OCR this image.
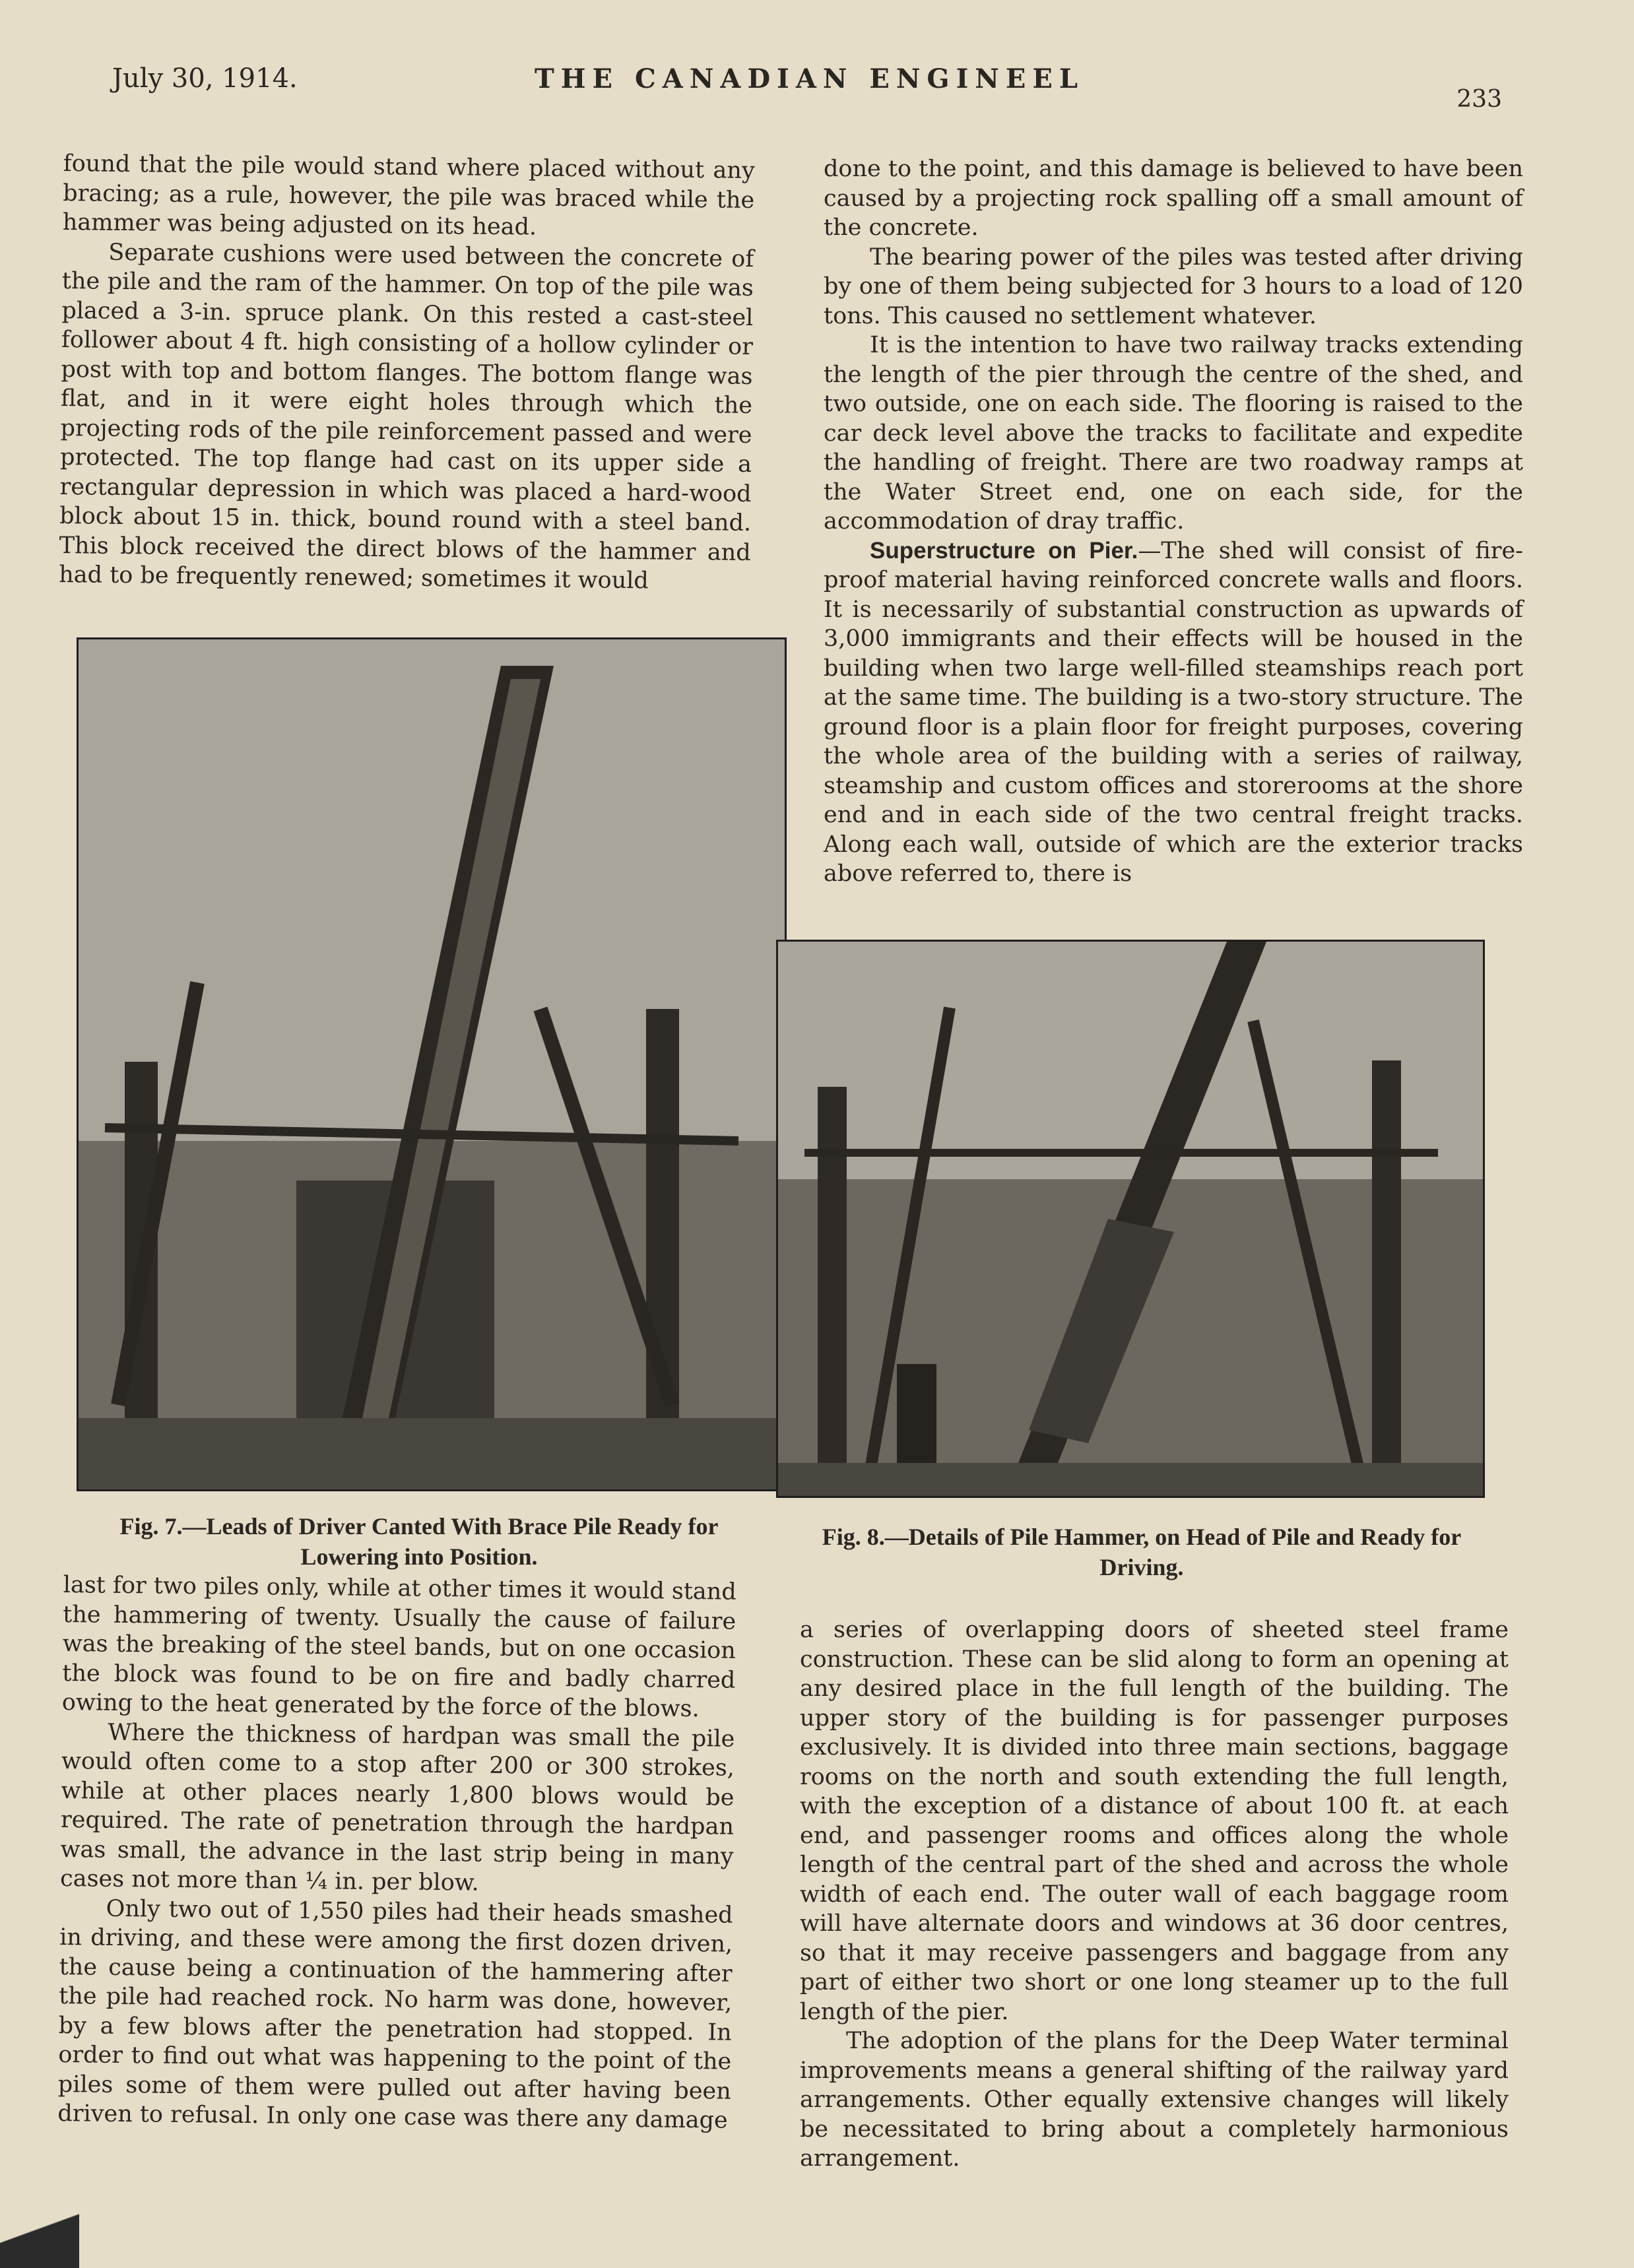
July 30, 1914.	THE CANADIAN ENGINEEL
233

found that the pile would stand where placed without any bracing; as a rule, however, the pile was braced while the hammer was being adjusted on its head.

Separate cushions were used between the concrete of the pile and the ram of the hammer. On top of the pile was placed a 3-in. spruce plank. On this rested a cast-steel follower about 4 ft. high consisting of a hollow cylinder or post with top and bottom flanges. The bottom flange was flat, and in it were eight holes through which the projecting rods of the pile reinforcement passed and were protected. The top flange had cast on its upper side a rectangular depression in which was placed a hard-wood block about 15 in. thick, bound round with a steel band. This block received the direct blows of the hammer and had to be frequently renewed; sometimes it would

done to the point, and this damage is believed to have been caused by a projecting rock spalling off a small amount of the concrete.

The bearing power of the piles was tested after driving by one of them being subjected for 3 hours to a load of 120 tons. This caused no settlement whatever.

It is the intention to have two railway tracks extending the length of the pier through the centre of the shed, and two outside, one on each side. The flooring is raised to the car deck level above the tracks to facilitate and expedite the handling of freight. There are two roadway ramps at the Water Street end, one on each side, for the accommodation of dray traffic.

Superstructure on Pier.—The shed will consist of fire-proof material having reinforced concrete walls and floors. It is necessarily of substantial construction as upwards of 3,000 immigrants and their effects will be housed in the building when two large well-filled steamships reach port at the same time. The building is a two-story structure. The ground floor is a plain floor for freight purposes, covering the whole area of the building with a series of railway, steamship and custom offices and storerooms at the shore end and in each side of the two central freight tracks. Along each wall, outside of which are the exterior tracks above referred to, there is

Fig. 7.—Leads of Driver Canted With Brace Pile Ready for Lowering into Position.
Fig. 8.—Details of Pile Hammer, on Head of Pile and Ready for Driving.

last for two piles only, while at other times it would stand the hammering of twenty. Usually the cause of failure was the breaking of the steel bands, but on one occasion the block was found to be on fire and badly charred owing to the heat generated by the force of the blows.

Where the thickness of hardpan was small the pile would often come to a stop after 200 or 300 strokes, while at other places nearly 1,800 blows would be required. The rate of penetration through the hardpan was small, the advance in the last strip being in many cases not more than ¼ in. per blow.

Only two out of 1,550 piles had their heads smashed in driving, and these were among the first dozen driven, the cause being a continuation of the hammering after the pile had reached rock. No harm was done, however, by a few blows after the penetration had stopped. In order to find out what was happening to the point of the piles some of them were pulled out after having been driven to refusal. In only one case was there any damage

a series of overlapping doors of sheeted steel frame construction. These can be slid along to form an opening at any desired place in the full length of the building. The upper story of the building is for passenger purposes exclusively. It is divided into three main sections, baggage rooms on the north and south extending the full length, with the exception of a distance of about 100 ft. at each end, and passenger rooms and offices along the whole length of the central part of the shed and across the whole width of each end. The outer wall of each baggage room will have alternate doors and windows at 36 door centres, so that it may receive passengers and baggage from any part of either two short or one long steamer up to the full length of the pier.

The adoption of the plans for the Deep Water terminal improvements means a general shifting of the railway yard arrangements. Other equally extensive changes will likely be necessitated to bring about a completely harmonious arrangement.
